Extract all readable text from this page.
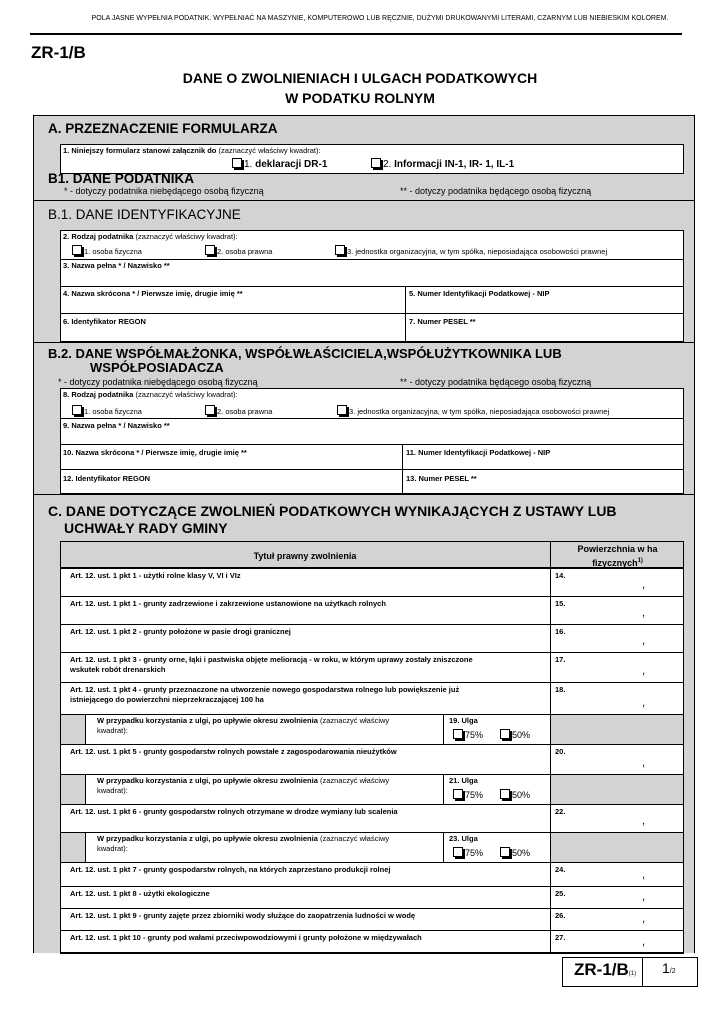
POLA JASNE WYPEŁNIA PODATNIK. WYPEŁNIAĆ NA MASZYNIE, KOMPUTEROWO LUB RĘCZNIE, DUŻYMI DRUKOWANYMI LITERAMI, CZARNYM LUB NIEBIESKIM KOLOREM.
ZR-1/B
DANE O ZWOLNIENIACH I ULGACH PODATKOWYCH
W PODATKU ROLNYM
A. PRZEZNACZENIE FORMULARZA
1. Niniejszy formularz stanowi załącznik do (zaznaczyć właściwy kwadrat):
1. deklaracji DR-1	2. Informacji IN-1, IR- 1, IL-1
B1. DANE PODATNIKA
* - dotyczy podatnika niebędącego osobą fizyczną	** - dotyczy podatnika będącego osobą fizyczną
B.1. DANE IDENTYFIKACYJNE
2. Rodzaj podatnika (zaznaczyć właściwy kwadrat):
1. osoba fizyczna	2. osoba prawna	3. jednostka organizacyjna, w tym spółka, nieposiadająca osobowości prawnej
3. Nazwa pełna * / Nazwisko **
4. Nazwa skrócona * / Pierwsze imię, drugie imię **	5. Numer Identyfikacji Podatkowej - NIP
6. Identyfikator REGON	7. Numer PESEL **
B.2. DANE WSPÓŁMAŁŻONKA, WSPÓŁWŁAŚCICIELA,WSPÓŁUŻYTKOWNIKA LUB
WSPÓŁPOSIADACZA
* - dotyczy podatnika niebędącego osobą fizyczną	** - dotyczy podatnika będącego osobą fizyczną
8. Rodzaj podatnika (zaznaczyć właściwy kwadrat):
1. osoba fizyczna	2. osoba prawna	3. jednostka organizacyjna, w tym spółka, nieposiadająca osobowości prawnej
9. Nazwa pełna * / Nazwisko **
10. Nazwa skrócona * / Pierwsze imię, drugie imię **	11. Numer Identyfikacji Podatkowej - NIP
12. Identyfikator REGON	13. Numer PESEL **
C. DANE DOTYCZĄCE ZWOLNIEŃ PODATKOWYCH WYNIKAJĄCYCH Z USTAWY LUB
UCHWAŁY RADY GMINY
Tytuł prawny zwolnienia
Powierzchnia w ha
fizycznych$^{1)}$
Art. 12. ust. 1 pkt 1 - użytki rolne klasy V, VI i VIz	14.
,
Art. 12. ust. 1 pkt 1 - grunty zadrzewione i zakrzewione ustanowione na użytkach rolnych	15.
,
Art. 12. ust. 1 pkt 2 - grunty położone w pasie drogi granicznej	16.
,
Art. 12. ust. 1 pkt 3 - grunty orne, łąki i pastwiska objęte melioracją - w roku, w którym uprawy zostały zniszczone
wskutek robót drenarskich
17.
,
Art. 12. ust. 1 pkt 4 - grunty przeznaczone na utworzenie nowego gospodarstwa rolnego lub powiększenie już
istniejącego do powierzchni nieprzekraczającej 100 ha
18.
,
W przypadku korzystania z ulgi, po upływie okresu zwolnienia (zaznaczyć właściwy
kwadrat):
19. Ulga
75%	50%
Art. 12. ust. 1 pkt 5 - grunty gospodarstw rolnych powstałe z zagospodarowania nieużytków	20.
,
W przypadku korzystania z ulgi, po upływie okresu zwolnienia (zaznaczyć właściwy
kwadrat):
21. Ulga
75%	50%
Art. 12. ust. 1 pkt 6 - grunty gospodarstw rolnych otrzymane w drodze wymiany lub scalenia	22.
,
W przypadku korzystania z ulgi, po upływie okresu zwolnienia (zaznaczyć właściwy
kwadrat):
23. Ulga
75%	50%
Art. 12. ust. 1 pkt 7 - grunty gospodarstw rolnych, na których zaprzestano produkcji rolnej	24.	,
Art. 12. ust. 1 pkt 8 - użytki ekologiczne	25.	,
Art. 12. ust. 1 pkt 9 - grunty zajęte przez zbiorniki wody służące do zaopatrzenia ludności w wodę	26.	,
Art. 12. ust. 1 pkt 10 - grunty pod wałami przeciwpowodziowymi i grunty położone w międzywałach	27.	,
ZR-1/B(1) 1/2
